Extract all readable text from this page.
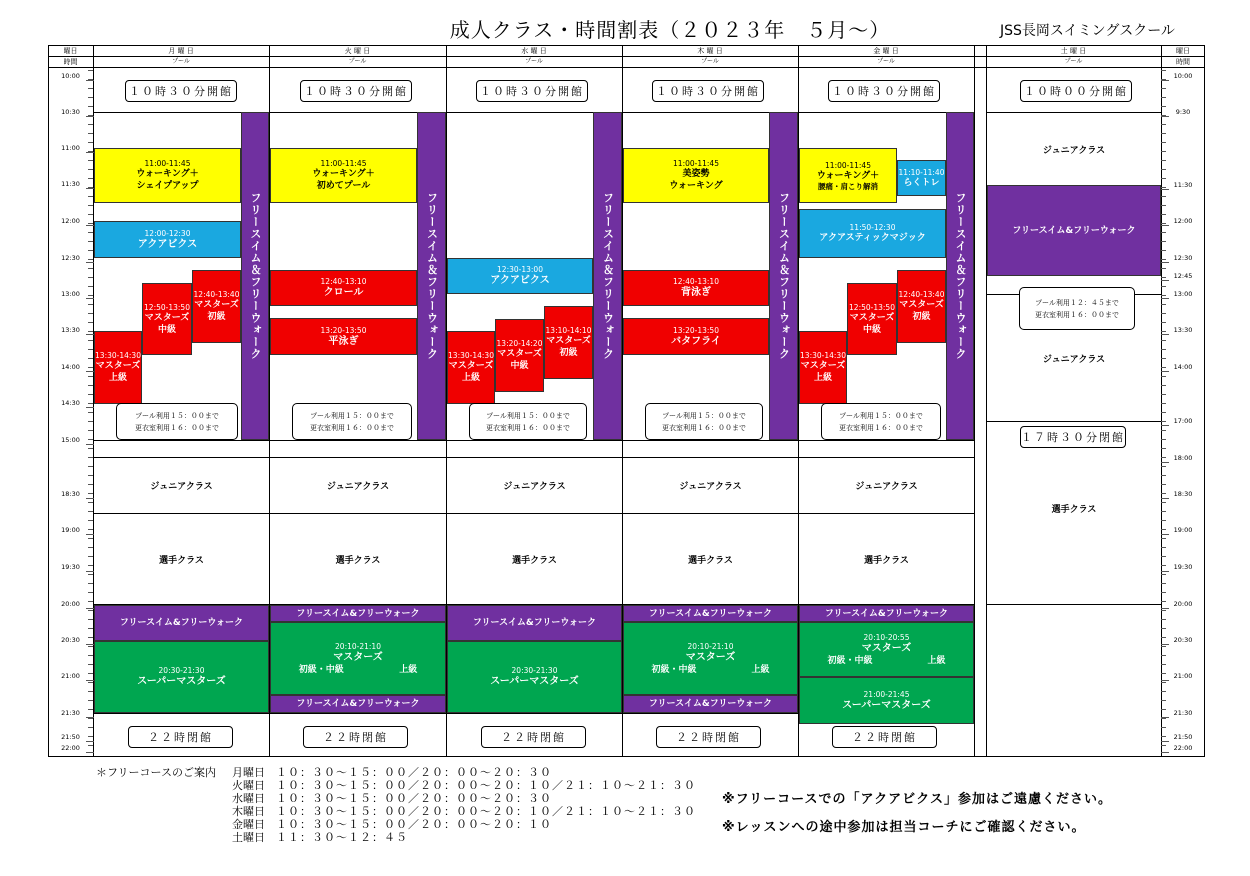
成人クラス・時間割表（２０２３年　５月〜）	JSS長岡スイミングスクール
曜日
時間
曜日
時間
月 曜 日	火 曜 日	水 曜 日	木 曜 日	金 曜 日	土 曜 日
プール	プール	プール	プール	プール	プール
10:00
10:30
11:00
11:30
12:00
12:30
13:00
13:30
14:00
14:30
15:00
18:30
19:00
19:30
20:00
20:30
21:00
21:30
21:50
22:00
10:00
9:30
11:30
12:00
12:30
12:45
13:00
13:30
14:00
17:00
18:00
18:30
19:00
19:30
20:00
20:30
21:00
21:30
21:50
22:00
１０時３０分開館	１０時３０分開館	１０時３０分開館	１０時３０分開館	１０時３０分開館	１０時００分開館
11:00-11:45
ウォーキング＋
シェイプアップ
12:00-12:30
アクアビクス
12:50-13:50
マスターズ
中級
12:40-13:40
マスターズ
初級
13:30-14:30
マスターズ
上級
フリースイム＆フリーウォーク
プール利用１５：００まで
更衣室利用１６：００まで
ジュニアクラス
選手クラス
フリースイム&フリーウォーク
20:30-21:30
スーパーマスターズ
２２時閉館
11:00-11:45
ウォーキング＋
初めてプール
12:40-13:10
クロール
13:20-13:50
平泳ぎ	フリースイム＆フリーウォーク
プール利用１５：００まで
更衣室利用１６：００まで
ジュニアクラス
選手クラス
フリースイム&フリーウォーク
20:10-21:10
マスターズ
初級・中級	上級
フリースイム&フリーウォーク
２２時閉館
12:30-13:00
アクアビクス
13:30-14:30
マスターズ
上級
13:20-14:20
マスターズ
中級
13:10-14:10
マスターズ
初級	フリースイム＆フリーウォーク
プール利用１５：００まで
更衣室利用１６：００まで
ジュニアクラス
選手クラス
フリースイム&フリーウォーク
20:30-21:30
スーパーマスターズ
２２時閉館
11:00-11:45
美姿勢
ウォーキング
12:40-13:10
背泳ぎ
13:20-13:50
バタフライ	フリースイム＆フリーウォーク
プール利用１５：００まで
更衣室利用１６：００まで
ジュニアクラス
選手クラス
フリースイム&フリーウォーク
20:10-21:10
マスターズ
初級・中級	上級
フリースイム&フリーウォーク
２２時閉館
11:00-11:45
ウォーキング＋
腰痛・肩こり解消
11:10-11:40
らくトレ
11:50-12:30
アクアスティックマジック
12:50-13:50
マスターズ
中級
12:40-13:40
マスターズ
初級
13:30-14:30
マスターズ
上級
フリースイム＆フリーウォーク
プール利用１５：００まで
更衣室利用１６：００まで
ジュニアクラス
選手クラス
フリースイム&フリーウォーク
20:10-20:55
マスターズ
初級・中級	上級
21:00-21:45
スーパーマスターズ
２２時閉館
ジュニアクラス
フリースイム&フリーウォーク
プール利用１２：４５まで
更衣室利用１６：００まで
ジュニアクラス
１７時３０分閉館
選手クラス
＊フリーコースのご案内 月曜日　 １０：３０〜１５：００／２０：００〜２０：３０
火曜日　 １０：３０〜１５：００／２０：００〜２０：１０／２１：１０〜２１：３０
水曜日　 １０：３０〜１５：００／２０：００〜２０：３０
木曜日　 １０：３０〜１５：００／２０：００〜２０：１０／２１：１０〜２１：３０
金曜日　 １０：３０〜１５：００／２０：００〜２０：１０
土曜日　 １１：３０〜１２：４５
※フリーコースでの「アクアビクス」参加はご遠慮ください。
※レッスンへの途中参加は担当コーチにご確認ください。
